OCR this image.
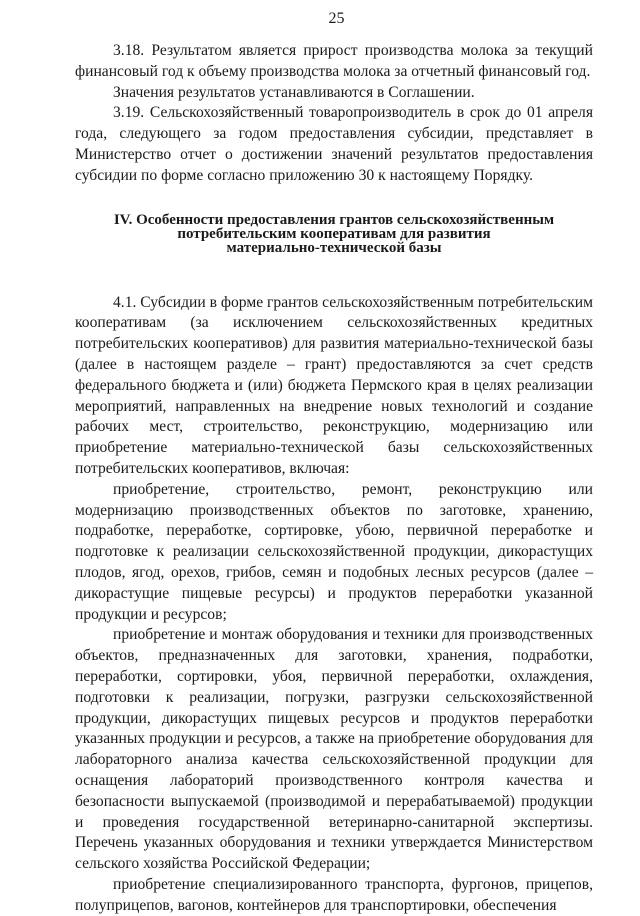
25

3.18. Результатом является прирост производства молока за текущий финансовый год к объему производства молока за отчетный финансовый год.

Значения результатов устанавливаются в Соглашении.

3.19. Сельскохозяйственный товаропроизводитель в срок до 01 апреля года, следующего за годом предоставления субсидии, представляет в Министерство отчет о достижении значений результатов предоставления субсидии по форме согласно приложению 30 к настоящему Порядку.

IV. Особенности предоставления грантов сельскохозяйственным
потребительским кооперативам для развития
материально-технической базы

4.1. Субсидии в форме грантов сельскохозяйственным потребительским кооперативам (за исключением сельскохозяйственных кредитных потребительских кооперативов) для развития материально-технической базы (далее в настоящем разделе – грант) предоставляются за счет средств федерального бюджета и (или) бюджета Пермского края в целях реализации мероприятий, направленных на внедрение новых технологий и создание рабочих мест, строительство, реконструкцию, модернизацию или приобретение материально-технической базы сельскохозяйственных потребительских кооперативов, включая:

приобретение, строительство, ремонт, реконструкцию или модернизацию производственных объектов по заготовке, хранению, подработке, переработке, сортировке, убою, первичной переработке и подготовке к реализации сельскохозяйственной продукции, дикорастущих плодов, ягод, орехов, грибов, семян и подобных лесных ресурсов (далее – дикорастущие пищевые ресурсы) и продуктов переработки указанной продукции и ресурсов;

приобретение и монтаж оборудования и техники для производственных объектов, предназначенных для заготовки, хранения, подработки, переработки, сортировки, убоя, первичной переработки, охлаждения, подготовки к реализации, погрузки, разгрузки сельскохозяйственной продукции, дикорастущих пищевых ресурсов и продуктов переработки указанных продукции и ресурсов, а также на приобретение оборудования для лабораторного анализа качества сельскохозяйственной продукции для оснащения лабораторий производственного контроля качества и безопасности выпускаемой (производимой и перерабатываемой) продукции и проведения государственной ветеринарно-санитарной экспертизы. Перечень указанных оборудования и техники утверждается Министерством сельского хозяйства Российской Федерации;

приобретение специализированного транспорта, фургонов, прицепов, полуприцепов, вагонов, контейнеров для транспортировки, обеспечения
